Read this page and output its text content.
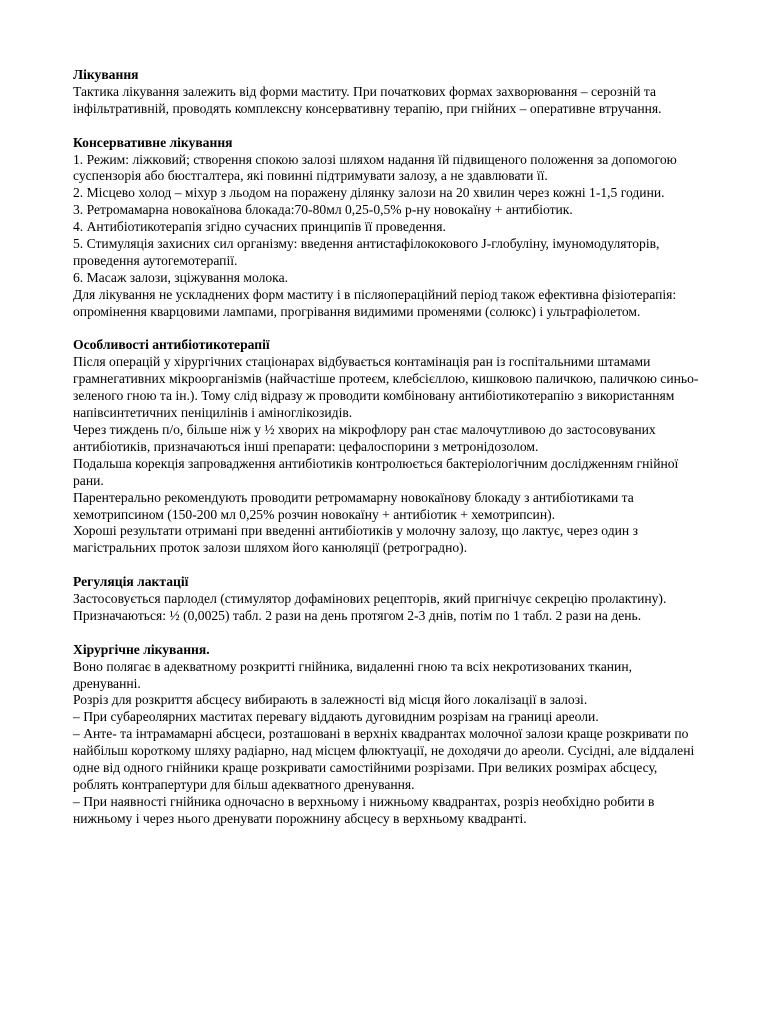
Лікування

Тактика лікування залежить від форми маститу. При початкових формах захворювання – серозній та інфільтративній, проводять комплексну консервативну терапію, при гнійних – оперативне втручання.

Консервативне лікування

1. Режим: ліжковий; створення спокою залозі шляхом надання їй підвищеного положення за допомогою суспензорія або бюстгалтера, які повинні підтримувати залозу, а не здавлювати її.

2. Місцево холод – міхур з льодом на поражену ділянку залози на 20 хвилин через кожні 1-1,5 години.

3. Ретромамарна новокаїнова блокада:70-80мл 0,25-0,5% р-ну новокаїну + антибіотик.

4. Антибіотикотерапія згідно сучасних принципів її проведення.

5. Стимуляція захисних сил організму: введення антистафілококового J-глобуліну, імуномодуляторів, проведення аутогемотерапії.

6. Масаж залози, зціжування молока.

Для лікування не ускладнених форм маститу і в післяопераційний період також ефективна фізіотерапія: опромінення кварцовими лампами, прогрівання видимими променями (солюкс) і ультрафіолетом.

Особливості антибіотикотерапії

Після операцій у хірургічних стаціонарах відбувається контамінація ран із госпітальними штамами грамнегативних мікроорганізмів (найчастіше протеєм, клебсієллою, кишковою паличкою, паличкою синьо-зеленого гною та ін.). Тому слід відразу ж проводити комбіновану антибіотикотерапію з використанням напівсинтетичних пеніцилінів і аміноглікозидів.

Через тиждень п/о, більше ніж у ½ хворих на мікрофлору ран стає малочутливою до застосовуваних антибіотиків, призначаються інші препарати: цефалоспорини з метронідозолом.

Подальша корекція запровадження антибіотиків контролюється бактеріологічним дослідженням гнійної рани.

Парентерально рекомендують проводити ретромамарну новокаїнову блокаду з антибіотиками та хемотрипсином (150-200 мл 0,25% розчин новокаїну + антибіотик + хемотрипсин).

Хороші результати отримані при введенні антибіотиків у молочну залозу, що лактує, через один з магістральних проток залози шляхом його канюляції (ретроградно).

Регуляція лактації

Застосовується парлодел (стимулятор дофамінових рецепторів, який пригнічує секрецію пролактину). Призначаються: ½ (0,0025) табл. 2 рази на день протягом 2-3 днів, потім по 1 табл. 2 рази на день.

Хірургічне лікування.

Воно полягає в адекватному розкритті гнійника, видаленні гною та всіх некротизованих тканин, дренуванні.

Розріз для розкриття абсцесу вибирають в залежності від місця його локалізації в залозі.

– При субареолярних маститах перевагу віддають дуговидним розрізам на границі ареоли.

– Анте- та інтрамамарні абсцеси, розташовані в верхніх квадрантах молочної залози краще розкривати по найбільш короткому шляху радіарно, над місцем флюктуації, не доходячи до ареоли. Сусідні, але віддалені одне від одного гнійники краще розкривати самостійними розрізами. При великих розмірах абсцесу, роблять контрапертури для більш адекватного дренування.

– При наявності гнійника одночасно в верхньому і нижньому квадрантах, розріз необхідно робити в нижньому і через нього дренувати порожнину абсцесу в верхньому квадранті.
